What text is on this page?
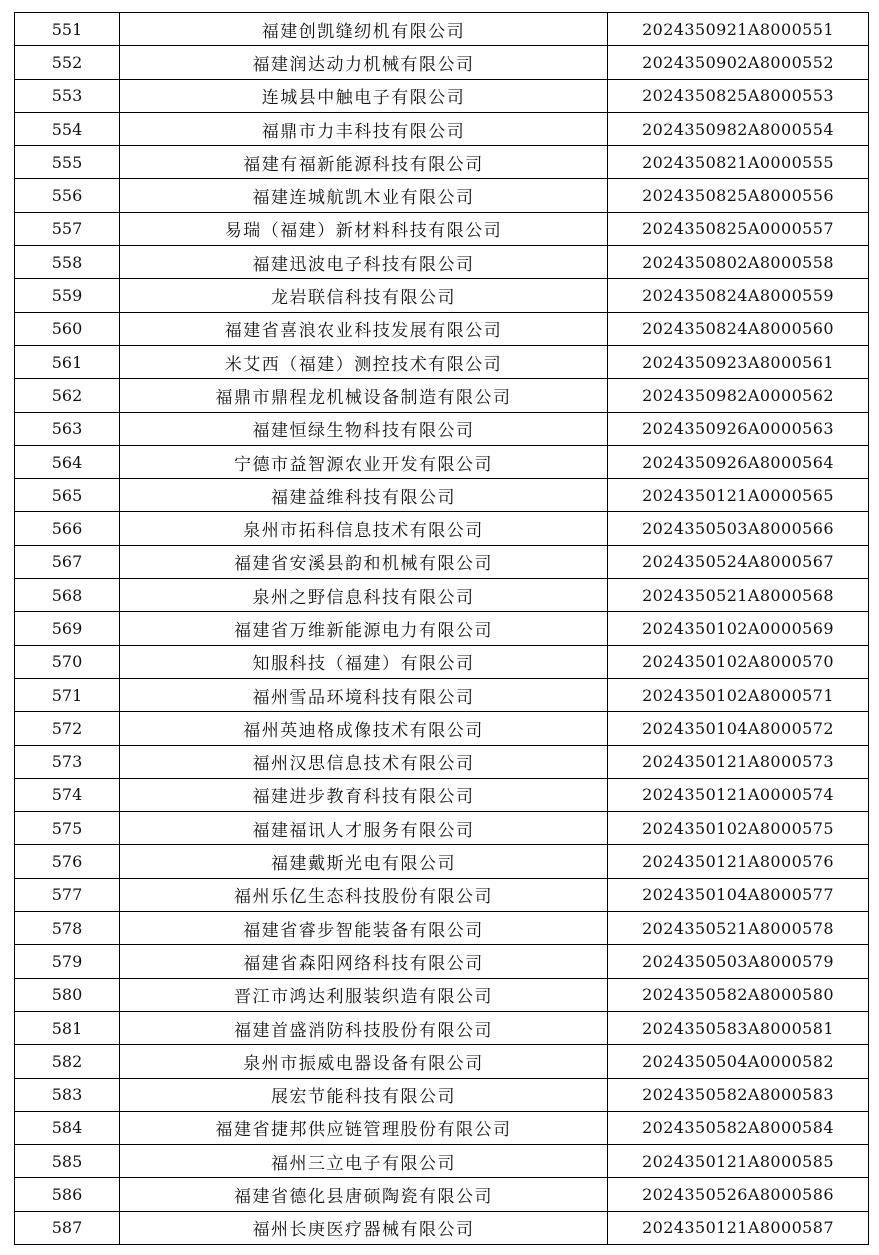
551	福建创凯缝纫机有限公司	2024350921A8000551
552	福建润达动力机械有限公司	2024350902A8000552
553	连城县中触电子有限公司	2024350825A8000553
554	福鼎市力丰科技有限公司	2024350982A8000554
555	福建有福新能源科技有限公司	2024350821A0000555
556	福建连城航凯木业有限公司	2024350825A8000556
557	易瑞（福建）新材料科技有限公司	2024350825A0000557
558	福建迅波电子科技有限公司	2024350802A8000558
559	龙岩联信科技有限公司	2024350824A8000559
560	福建省喜浪农业科技发展有限公司	2024350824A8000560
561	米艾西（福建）测控技术有限公司	2024350923A8000561
562	福鼎市鼎程龙机械设备制造有限公司	2024350982A0000562
563	福建恒绿生物科技有限公司	2024350926A0000563
564	宁德市益智源农业开发有限公司	2024350926A8000564
565	福建益维科技有限公司	2024350121A0000565
566	泉州市拓科信息技术有限公司	2024350503A8000566
567	福建省安溪县韵和机械有限公司	2024350524A8000567
568	泉州之野信息科技有限公司	2024350521A8000568
569	福建省万维新能源电力有限公司	2024350102A0000569
570	知服科技（福建）有限公司	2024350102A8000570
571	福州雪品环境科技有限公司	2024350102A8000571
572	福州英迪格成像技术有限公司	2024350104A8000572
573	福州汉思信息技术有限公司	2024350121A8000573
574	福建进步教育科技有限公司	2024350121A0000574
575	福建福讯人才服务有限公司	2024350102A8000575
576	福建戴斯光电有限公司	2024350121A8000576
577	福州乐亿生态科技股份有限公司	2024350104A8000577
578	福建省睿步智能装备有限公司	2024350521A8000578
579	福建省森阳网络科技有限公司	2024350503A8000579
580	晋江市鸿达利服装织造有限公司	2024350582A8000580
581	福建首盛消防科技股份有限公司	2024350583A8000581
582	泉州市振威电器设备有限公司	2024350504A0000582
583	展宏节能科技有限公司	2024350582A8000583
584	福建省捷邦供应链管理股份有限公司	2024350582A8000584
585	福州三立电子有限公司	2024350121A8000585
586	福建省德化县唐硕陶瓷有限公司	2024350526A8000586
587	福州长庚医疗器械有限公司	2024350121A8000587
